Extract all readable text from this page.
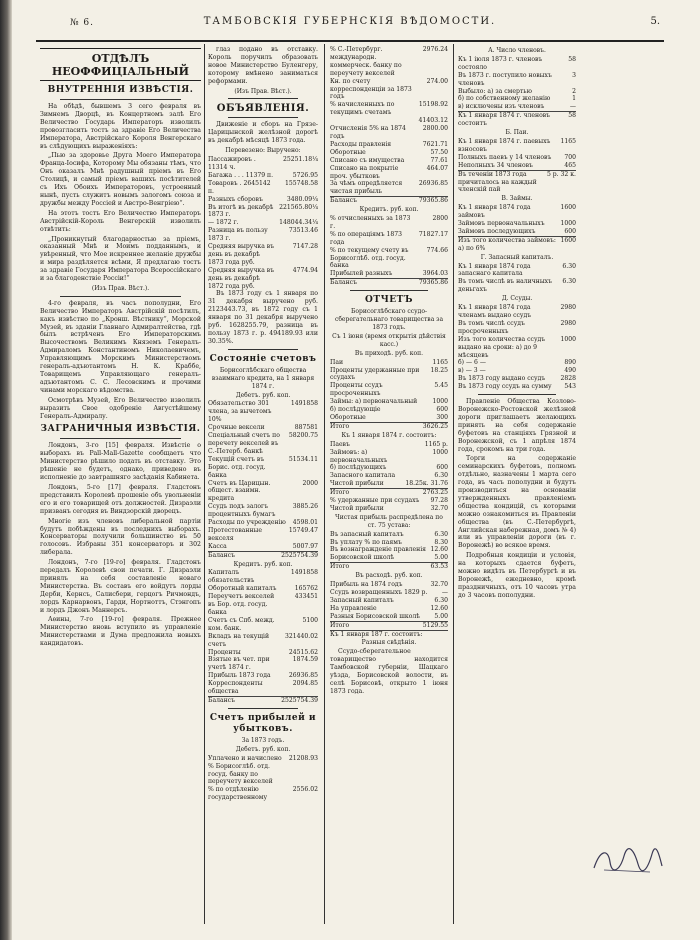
№ 6.	ТАМБОВСКІЯ ГУБЕРНСКІЯ ВѢДОМОСТИ.	5.
ОТДѢЛЪ НЕОФФИЦІАЛЬНЫЙ
ВНУТРЕННІЯ ИЗВѢСТІЯ.

На обѣдѣ, бывшемъ 3 сего февраля въ Зимнемъ Дворцѣ, въ Концертномъ залѣ Его Величество Государь Императоръ изволилъ провозгласить тостъ за здравіе Его Величества Императора, Австрійскаго Короля Венгерскаго въ слѣдующихъ выраженіяхъ:

„Пью за здоровье Друга Моего Императора Франца-Іосифа, Которому Мы обязаны тѣмъ, что Онъ оказалъ Мнѣ радушный пріемъ въ Его Столицѣ, и самый пріемъ вашихъ посѣтителей съ Ихъ Обоихъ Императоровъ, устроенный нынѣ, пусть служитъ новымъ залогомъ союза и дружбы между Россіей и Австро-Венгріею“.

На этотъ тостъ Его Величество Императоръ Австрійскій-Король Венгерскій изволилъ отвѣтить:

„Проникнутый благодарностью за пріемъ, оказанный Мнѣ и Моимъ подданнымъ, и увѣренный, что Мое искреннее желаніе дружбы и мира раздѣляется всѣми, Я предлагаю тостъ за здравіе Государя Императора Всероссійскаго и за благоденствіе Россіи!“

(Изъ Прав. Вѣст.).

4-го февраля, въ часъ пополудни, Его Величество Императоръ Австрійскій посѣтилъ, какъ извѣстно по „Кронш. Вѣстнику“, Морской Музей, въ зданіи Главнаго Адмиралтейства, гдѣ былъ встрѣченъ Его Императорскимъ Высочествомъ Великимъ Княземъ Генералъ-Адмираломъ Константиномъ Николаевичемъ, Управляющимъ Морскимъ Министерствомъ генералъ-адъютантомъ Н. К. Краббе, Товарищемъ Управляющаго генералъ-адъютантомъ С. С. Лесовскимъ и прочими чинами морскаго вѣдомства.

Осмотрѣвъ Музей, Его Величество изволилъ выразить Свое одобреніе Августѣйшему Генералъ-Адмиралу.

ЗАГРАНИЧНЫЯ ИЗВѢСТІЯ.

Лондонъ, 3-го [15] февраля. Извѣстіе о выборахъ въ Pall-Mall-Gazette сообщаетъ что Министерство рѣшило подать въ отставку. Это рѣшеніе не будетъ, однако, приведено въ исполненіе до завтрашняго засѣданія Кабинета.

Лондонъ, 5-го [17] февраля. Гладстонъ представилъ Королевѣ прошеніе объ увольненіи его и его товарищей отъ должностей. Дизраэли призванъ сегодня въ Виндзорскій дворецъ.

Многіе изъ членовъ либеральной партіи будутъ побѣждены въ последнихъ выборахъ. Консерваторы получили большинство въ 50 голосовъ. Избраны 351 консерваторъ и 302 либерала.

Лондонъ, 7-го [19-го] февраля. Гладстонъ передалъ Королевѣ свои печати. Г. Дизраэли принялъ на себя составленіе новаго Министерства. Въ составъ его войдутъ лорды Дерби, Кернсъ, Салисбери, герцогъ Ричмондъ, лордъ Карнарвонъ, Гарди, Нортноттъ, Стэнгопъ и лордъ Джонъ Маннерсъ.

Аѳины, 7-го [19-го] февраля. Прежнее Министерство вновь вступило въ управленіе Министерствами и Дума предложила новыхъ кандидатовъ.

глаз подано въ отставку. Король поручилъ образовать новое Министерство Буленгеру, которому вмѣнено заниматься реформами.

(Изъ Прав. Вѣст.).
ОБЪЯВЛЕНІЯ.

Движеніе и сборъ на Грязе-Царицынской желѣзной дорогѣ въ декабрѣ мѣсяцѣ 1873 года.

Перевезено: Выручено:
Пассажировъ . 11314 ч.	25251.18¼
Багажа . . . 11379 п.	5726.95
Товаровъ . 2645142 п.	155748.58
Разныхъ сборовъ	3480.09¼
Въ итогѣ въ декабрѣ 1873 г.	221565.80¼
— 1872 г.	148044.34¼
Разница въ пользу 1873 г.	73513.46
Средняя выручка въ день въ декабрѣ 1873 года руб.	7147.28
Средняя выручка въ день въ декабрѣ 1872 года руб.	4774.94

Въ 1873 году съ 1 января по 31 декабря выручено руб. 2123443.73, въ 1872 году съ 1 января по 31 декабря выручено руб. 1628255.79, разница въ пользу 1873 г. р. 494189.93 или 30.35%.

Состояніе счетовъ
Борисоглѣбскаго общества взаимнаго кредита, на 1 января 1874 г.
Дебетъ. руб. коп.
Обязательство 301 члена, за вычетомъ 10%	1491858
Срочные вексели	887581
Спеціальный счетъ по перечету векселей въ С.-Петерб. банкѣ	58200.75
Текущій счетъ въ Борис. отд. госуд. банка	51534.11
Счетъ въ Царицын. общест. взаимн. кредита	2000
Ссудъ подъ залогъ процентныхъ бумагъ	3885.26
Расходы по учрежденію	4598.01
Протестованные векселя	15749.47
Касса	5007.97
Балансъ	2525754.39
Кредитъ. руб. коп.
Капиталъ обязательствъ	1491858
Оборотный капиталъ	165762
Переучетъ векселей въ Бор. отд. госуд. банка	433451
Счетъ съ Спб. межд. ком. банк.	5100
Вкладъ на текущій счетъ	321440.02
Проценты	24515.62
Взятые въ чет. при учетѣ 1874 г.	1874.59
Прибыль 1873 года	26936.85
Корреспонденты общества	2094.85
Балансъ	2525754.39
Счетъ прибылей и убытковъ.
За 1873 годъ.
Дебетъ. руб. коп.
Уплачено и начислено % Борисоглѣб. отд. госуд. банку по переучету векселей	21208.93
% по отдѣленію государственному	2556.02
% С.-Петербург. международн. коммерческ. банку по переучету векселей	2976.24
Кн. по счету корреспонденціи за 1873 годъ	274.00
% начисленныхъ по текущимъ счетамъ	15198.92
41403.12
Отчисленія 5% на 1874 годъ	2800.00
Расходы правленія	7621.71
Оборотные	57.50
Списано съ имущества	77.61
Списано на покрытіе проч. убытковъ	464.07
За чѣмъ опредѣляется чистая прибыль	26936.85
Балансъ	79365.86
Кредитъ. руб. коп.
% отчисленныхъ за 1873 г.	2800
% по операціямъ 1873 года	71827.17
% по текущему счету въ Борисоглѣб. отд. госуд. банка	774.66
Прибылей разныхъ	3964.03
Балансъ	79365.86
ОТЧЕТЪ
Борисоглѣбскаго ссудо-сберегательнаго товарищества за 1873 годъ.
Съ 1 іюня (время открытія дѣйствія касс.)
Въ приходѣ. руб. коп.
Паи	1165
Проценты удержанные при ссудахъ	18.25
Проценты ссудъ просроченныхъ	5.45
Займы: а) первоначальный	1000
б) послѣдующіе	600
Оборотные	300
Итого	3626.25
Къ 1 января 1874 г. состоитъ:
Паевъ	1165 р.
Займовъ: а) первоначальныхъ	1000
б) послѣдующихъ	600
Запасного капитала	6.30
Чистой прибыли	18.25к. 31.76
Итого	2763.25
% удержанные при ссудахъ	97.28
Чистой прибыли	32.70
Чистая прибыль распредѣлена по ст. 75 устава:
Въ запасный капиталъ	6.30
Въ уплату % по паямъ	8.30
Въ вознагражденіе правленія	12.60
Борисовской школѣ	5.00
Итого	63.53
Въ расходѣ. руб. коп.
Прибыль на 1874 годъ	32.70
Ссудъ возвращенныхъ 1829 р.	—
Запасный капиталъ	6.30
На управленіе	12.60
Разныя Борисовской школѣ	5.00
Итого	5129.55
Къ 1 января 187 г. состоитъ:	
Разныя свѣдѣнія.

Ссудо-сберегательное товарищество находится Тамбовской губерніи, Шацкаго уѣзда, Борисовской волости, въ селѣ Борисовѣ, открыто 1 іюня 1873 года.

А. Число членовъ.
Къ 1 іюля 1873 г. членовъ состояло	58
Въ 1873 г. поступило новыхъ членовъ	3
Выбыло: а) за смертью	2
б) по собственному желанію	1
в) исключены изъ членовъ	—
Къ 1 января 1874 г. членовъ состоитъ	58
Б. Паи.
Къ 1 января 1874 г. паевыхъ взносовъ	1165
Полныхъ паевъ у 14 членовъ	700
Неполныхъ 34 членовъ	465
Въ теченіи 1873 года причиталось на каждый членскій пай	5 р. 32 к.
В. Займы.
Къ 1 января 1874 года займовъ	1600
Займовъ первоначальныхъ	1000
Займовъ последующихъ	600
Изъ того количества займовъ: а) по 6%	1600
Г. Запасный капиталъ.
Къ 1 января 1874 года запаснаго капитала	6.30
Въ томъ числѣ въ наличныхъ деньгахъ	6.30
Д. Ссуды.
Къ 1 января 1874 года членамъ выдано ссудъ	2980
Въ томъ числѣ ссудъ просроченныхъ	2980
Изъ того количества ссудъ выдано на сроки: а) до 9 мѣсяцевъ	1000
б) — 6 —	890
в) — 3 —	490
Въ 1873 году выдано ссудъ	2828
Въ 1873 году ссудъ на сумму	543

Правленіе Общества Козлово-Воронежско-Ростовской желѣзной дороги приглашаетъ желающихъ принять на себя содержаніе буфетовъ на станціяхъ Грязной и Воронежской, съ 1 апрѣля 1874 года, срокомъ на три года.

Торги на содержаніе семинарскихъ буфетовъ, полномъ отдѣльно, назначены 1 марта сего года, въ часъ пополудни и будутъ производиться на основаніи утвержденныхъ правленіемъ общества кондицій, съ которыми можно ознакомиться въ Правленіи общества (въ С.-Петербургѣ, Английская набережная, домъ № 4) или въ управленіи дороги (въ г. Воронежѣ) во всякое время.

Подробныя кондиціи и условія, на которыхъ сдается буфетъ, можно видѣть въ Петербургѣ и въ Воронежѣ, ежедневно, кромѣ праздничныхъ, отъ 10 часовъ утра до 3 часовъ пополудни.
